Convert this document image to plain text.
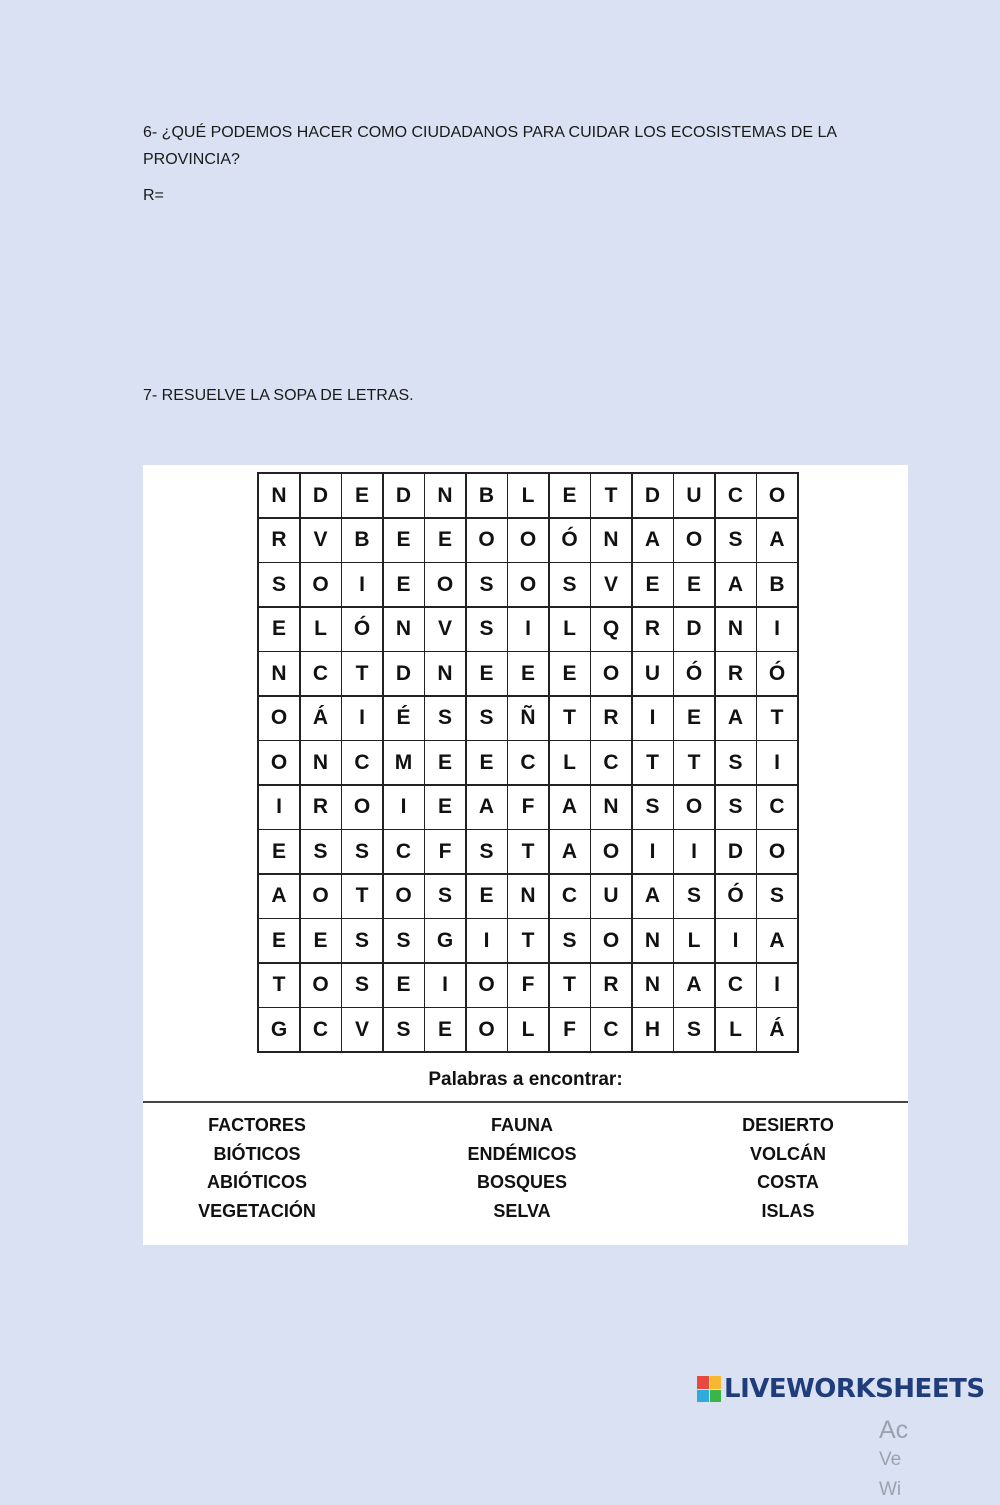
6- ¿QUÉ PODEMOS HACER COMO CIUDADANOS PARA CUIDAR LOS ECOSISTEMAS DE LA PROVINCIA?
R=
7- RESUELVE LA SOPA DE LETRAS.
N	D	E	D	N	B	L	E	T	D	U	C	O
R	V	B	E	E	O	O	Ó	N	A	O	S	A
S	O	I	E	O	S	O	S	V	E	E	A	B
E	L	Ó	N	V	S	I	L	Q	R	D	N	I
N	C	T	D	N	E	E	E	O	U	Ó	R	Ó
O	Á	I	É	S	S	Ñ	T	R	I	E	A	T
O	N	C	M	E	E	C	L	C	T	T	S	I
I	R	O	I	E	A	F	A	N	S	O	S	C
E	S	S	C	F	S	T	A	O	I	I	D	O
A	O	T	O	S	E	N	C	U	A	S	Ó	S
E	E	S	S	G	I	T	S	O	N	L	I	A
T	O	S	E	I	O	F	T	R	N	A	C	I
G	C	V	S	E	O	L	F	C	H	S	L	Á
Palabras a encontrar:
FACTORES
BIÓTICOS
ABIÓTICOS
VEGETACIÓN
FAUNA
ENDÉMICOS
BOSQUES
SELVA
DESIERTO
VOLCÁN
COSTA
ISLAS
Ac
Ve
Wi
LIVEWORKSHEETS
